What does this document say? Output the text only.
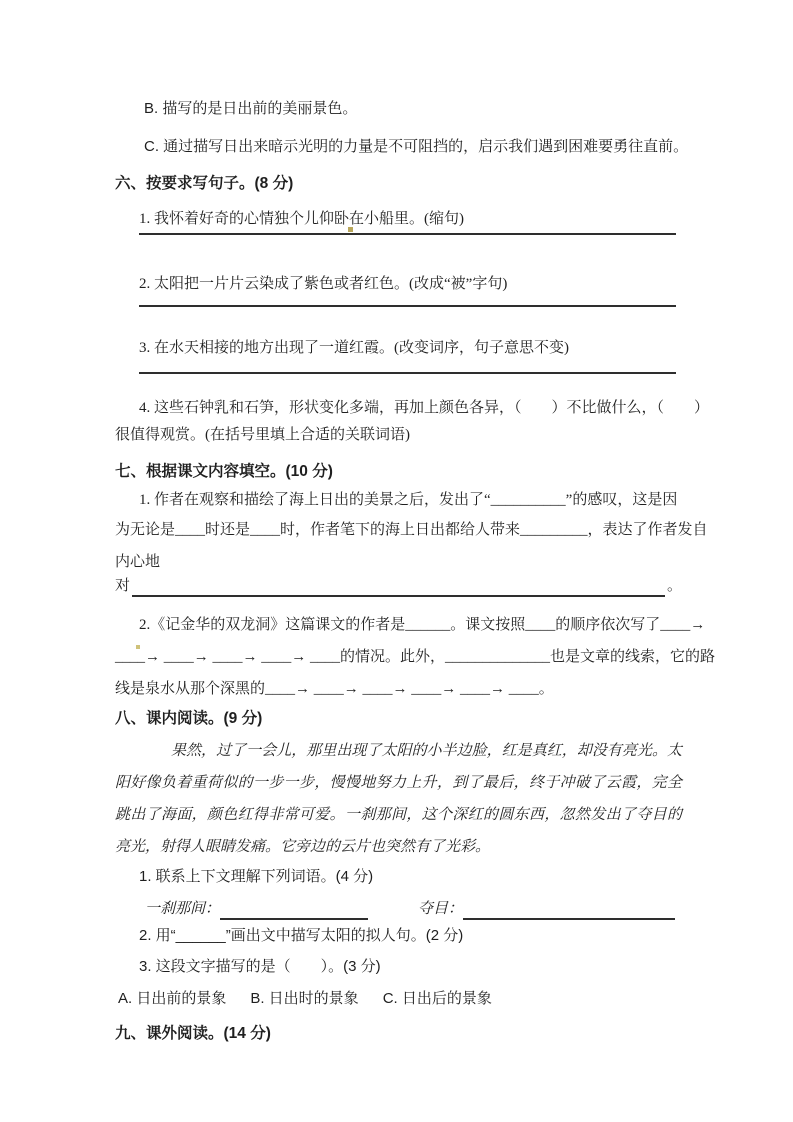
B. 描写的是日出前的美丽景色。
C. 通过描写日出来暗示光明的力量是不可阻挡的，启示我们遇到困难要勇往直前。
六、按要求写句子。(8 分)
1. 我怀着好奇的心情独个儿仰卧在小船里。(缩句)
2. 太阳把一片片云染成了紫色或者红色。(改成“被”字句)
3. 在水天相接的地方出现了一道红霞。(改变词序，句子意思不变)
4. 这些石钟乳和石笋，形状变化多端，再加上颜色各异，（　　）不比做什么，（　　）
很值得观赏。(在括号里填上合适的关联词语)
七、根据课文内容填空。(10 分)
1. 作者在观察和描绘了海上日出的美景之后，发出了“__________”的感叹，这是因
为无论是____时还是____时，作者笔下的海上日出都给人带来_________，表达了作者发自
内心地
对	。
2.《记金华的双龙洞》这篇课文的作者是______。课文按照____的顺序依次写了____→
____→ ____→ ____→ ____→ ____的情况。此外，______________也是文章的线索，它的路
线是泉水从那个深黑的____→ ____→ ____→ ____→ ____→ ____。
八、课内阅读。(9 分)
果然，过了一会儿，那里出现了太阳的小半边脸，红是真红，却没有亮光。太阳好像负着重荷似的一步一步，慢慢地努力上升，到了最后，终于冲破了云霞，完全跳出了海面，颜色红得非常可爱。一刹那间，这个深红的圆东西，忽然发出了夺目的亮光，射得人眼睛发痛。它旁边的云片也突然有了光彩。
1. 联系上下文理解下列词语。(4 分)
一刹那间：	夺目：
2. 用“______”画出文中描写太阳的拟人句。(2 分)
3. 这段文字描写的是（　　）。(3 分)
A. 日出前的景象 B. 日出时的景象 C. 日出后的景象
九、课外阅读。(14 分)
